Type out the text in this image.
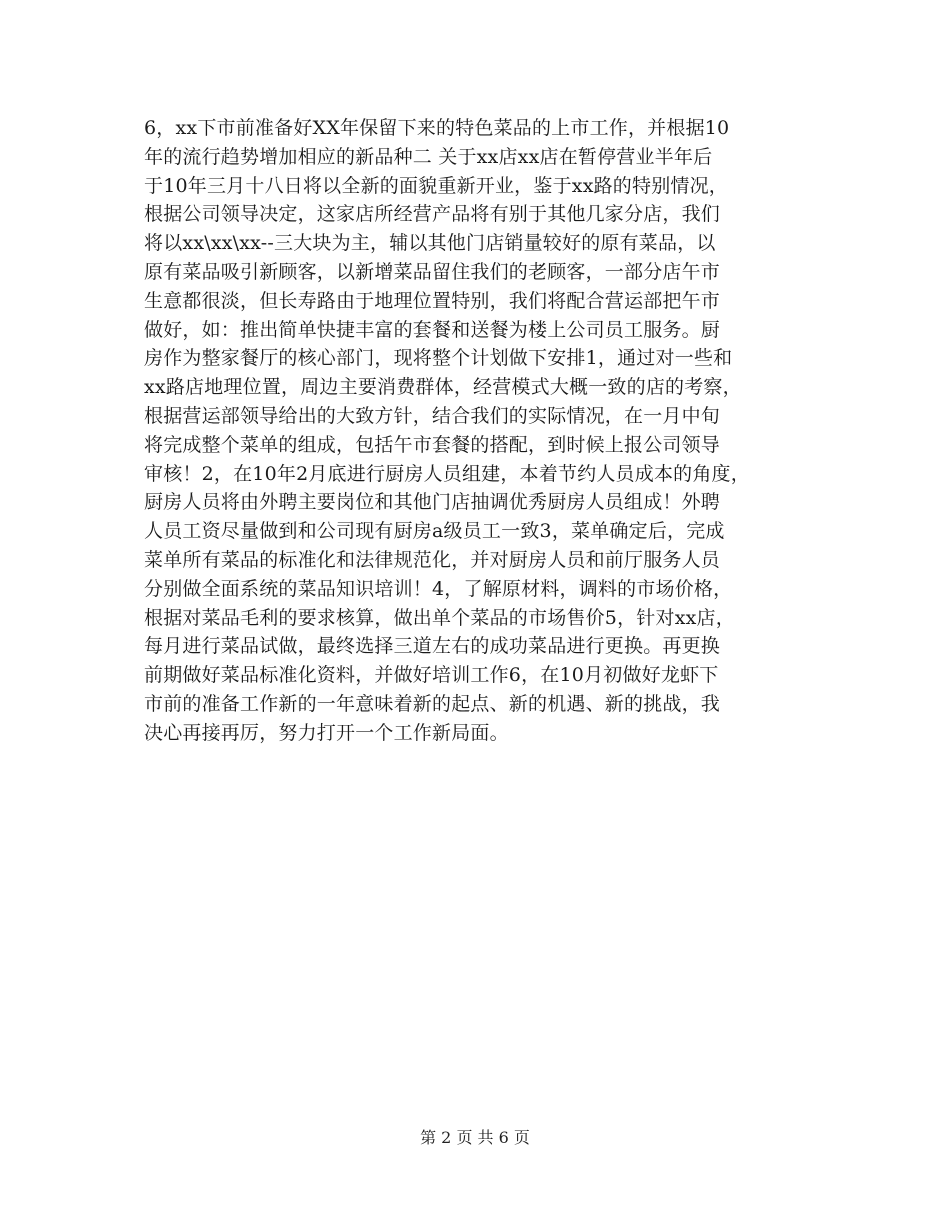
6，xx下市前准备好XX年保留下来的特色菜品的上市工作，并根据10
年的流行趋势增加相应的新品种二 关于xx店xx店在暂停营业半年后
于10年三月十八日将以全新的面貌重新开业，鉴于xx路的特别情况，
根据公司领导决定，这家店所经营产品将有别于其他几家分店，我们
将以xx\xx\xx--三大块为主，辅以其他门店销量较好的原有菜品，以
原有菜品吸引新顾客，以新增菜品留住我们的老顾客，一部分店午市
生意都很淡，但长寿路由于地理位置特别，我们将配合营运部把午市
做好，如：推出简单快捷丰富的套餐和送餐为楼上公司员工服务。厨
房作为整家餐厅的核心部门，现将整个计划做下安排1，通过对一些和
xx路店地理位置，周边主要消费群体，经营模式大概一致的店的考察，
根据营运部领导给出的大致方针，结合我们的实际情况，在一月中旬
将完成整个菜单的组成，包括午市套餐的搭配，到时候上报公司领导
审核！2，在10年2月底进行厨房人员组建，本着节约人员成本的角度，
厨房人员将由外聘主要岗位和其他门店抽调优秀厨房人员组成！外聘
人员工资尽量做到和公司现有厨房a级员工一致3，菜单确定后，完成
菜单所有菜品的标准化和法律规范化，并对厨房人员和前厅服务人员
分别做全面系统的菜品知识培训！4，了解原材料，调料的市场价格，
根据对菜品毛利的要求核算，做出单个菜品的市场售价5，针对xx店，
每月进行菜品试做，最终选择三道左右的成功菜品进行更换。再更换
前期做好菜品标准化资料，并做好培训工作6，在10月初做好龙虾下
市前的准备工作新的一年意味着新的起点、新的机遇、新的挑战，我
决心再接再厉，努力打开一个工作新局面。
第 2 页 共 6 页
